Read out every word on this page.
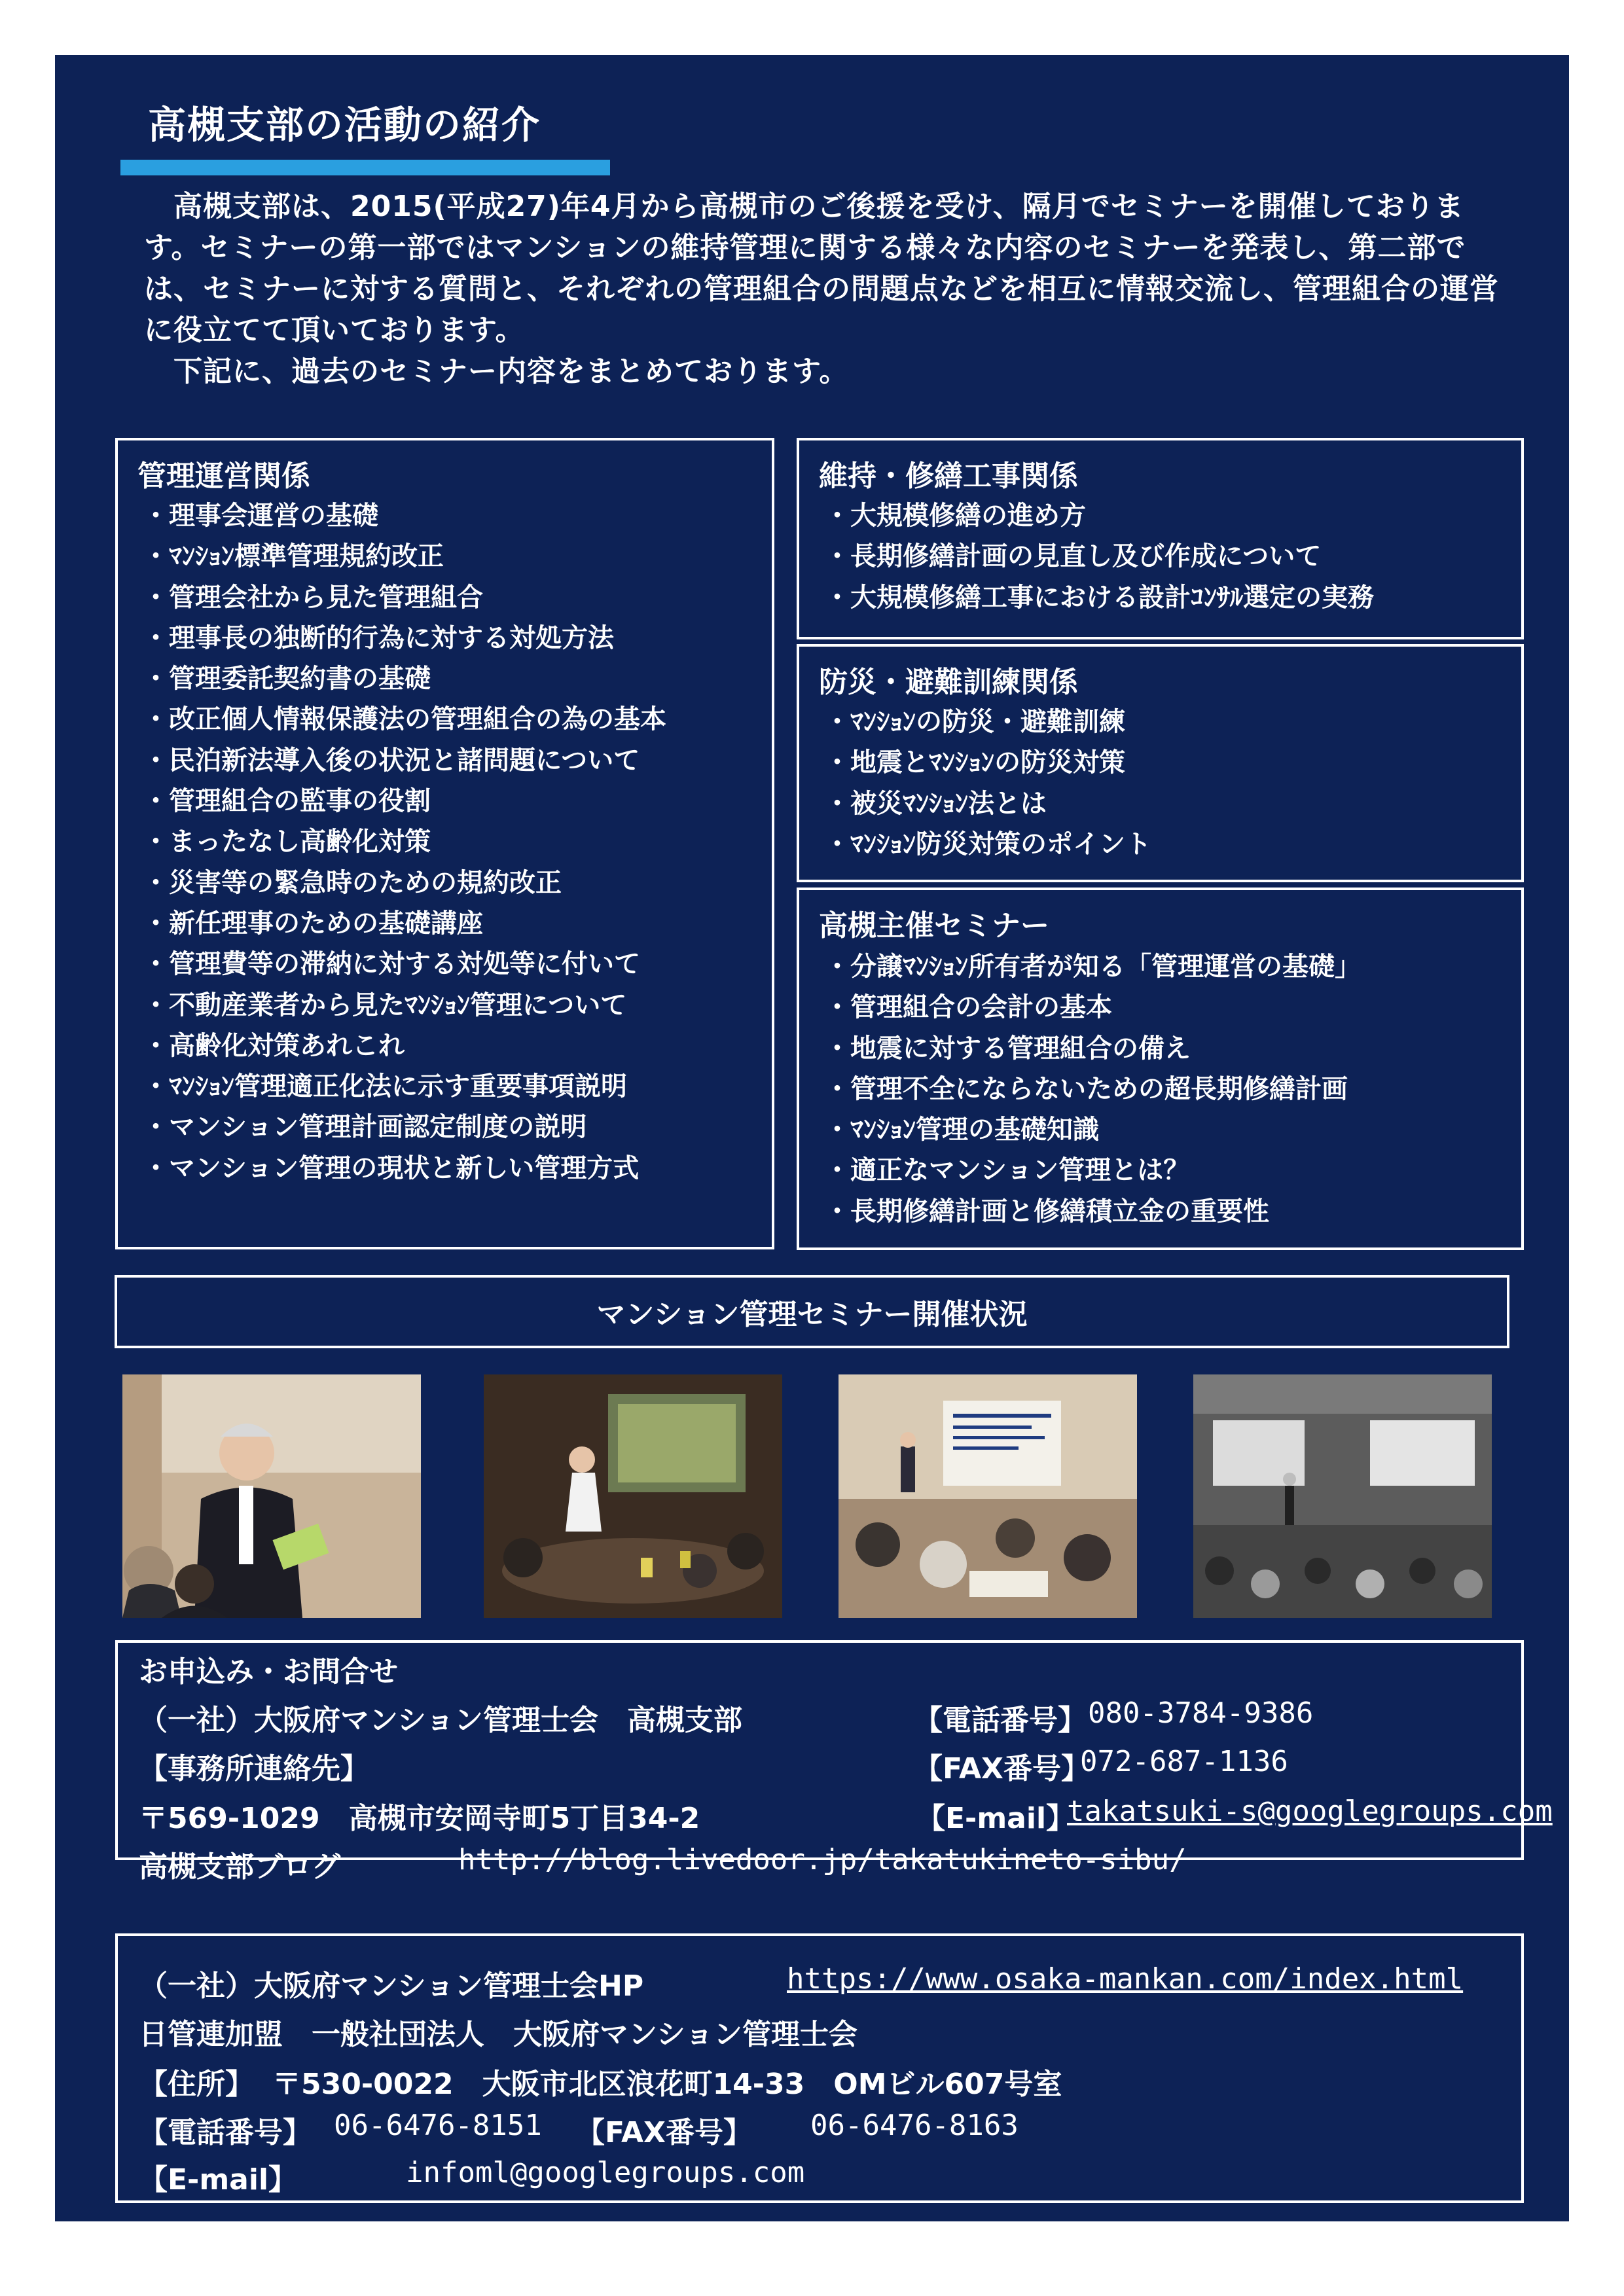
高槻支部の活動の紹介

　高槻支部は、2015(平成27)年4月から高槻市のご後援を受け、隔月でセミナーを開催しております。セミナーの第一部ではマンションの維持管理に関する様々な内容のセミナーを発表し、第二部では、セミナーに対する質問と、それぞれの管理組合の問題点などを相互に情報交流し、管理組合の運営に役立てて頂いております。

　下記に、過去のセミナー内容をまとめております。

管理運営関係
・理事会運営の基礎
・ﾏﾝｼｮﾝ標準管理規約改正
・管理会社から見た管理組合
・理事長の独断的行為に対する対処方法
・管理委託契約書の基礎
・改正個人情報保護法の管理組合の為の基本
・民泊新法導入後の状況と諸問題について
・管理組合の監事の役割
・まったなし高齢化対策
・災害等の緊急時のための規約改正
・新任理事のための基礎講座
・管理費等の滞納に対する対処等に付いて
・不動産業者から見たﾏﾝｼｮﾝ管理について
・高齢化対策あれこれ
・ﾏﾝｼｮﾝ管理適正化法に示す重要事項説明
・マンション管理計画認定制度の説明
・マンション管理の現状と新しい管理方式
維持・修繕工事関係
・大規模修繕の進め方
・長期修繕計画の見直し及び作成について
・大規模修繕工事における設計ｺﾝｻﾙ選定の実務
防災・避難訓練関係
・ﾏﾝｼｮﾝの防災・避難訓練
・地震とﾏﾝｼｮﾝの防災対策
・被災ﾏﾝｼｮﾝ法とは
・ﾏﾝｼｮﾝ防災対策のポイント
高槻主催セミナー
・分譲ﾏﾝｼｮﾝ所有者が知る「管理運営の基礎」
・管理組合の会計の基本
・地震に対する管理組合の備え
・管理不全にならないための超長期修繕計画
・ﾏﾝｼｮﾝ管理の基礎知識
・適正なマンション管理とは？
・長期修繕計画と修繕積立金の重要性
マンション管理セミナー開催状況
お申込み・お問合せ
（一社）大阪府マンション管理士会　高槻支部	【電話番号】 080-3784-9386
【事務所連絡先】	【FAX番号】
072-687-1136
〒569-1029　高槻市安岡寺町5丁目34-2	【E-mail】
takatsuki-s@googlegroups.com
高槻支部ブログ	http://blog.livedoor.jp/takatukineto-sibu/
（一社）大阪府マンション管理士会HP	https://www.osaka-mankan.com/index.html
日管連加盟　一般社団法人　大阪府マンション管理士会
【住所】 〒530-0022　大阪市北区浪花町14-33　OMビル607号室
【電話番号】 06-6476-8151 【FAX番号】 06-6476-8163
【E-mail】	infoml@googlegroups.com
